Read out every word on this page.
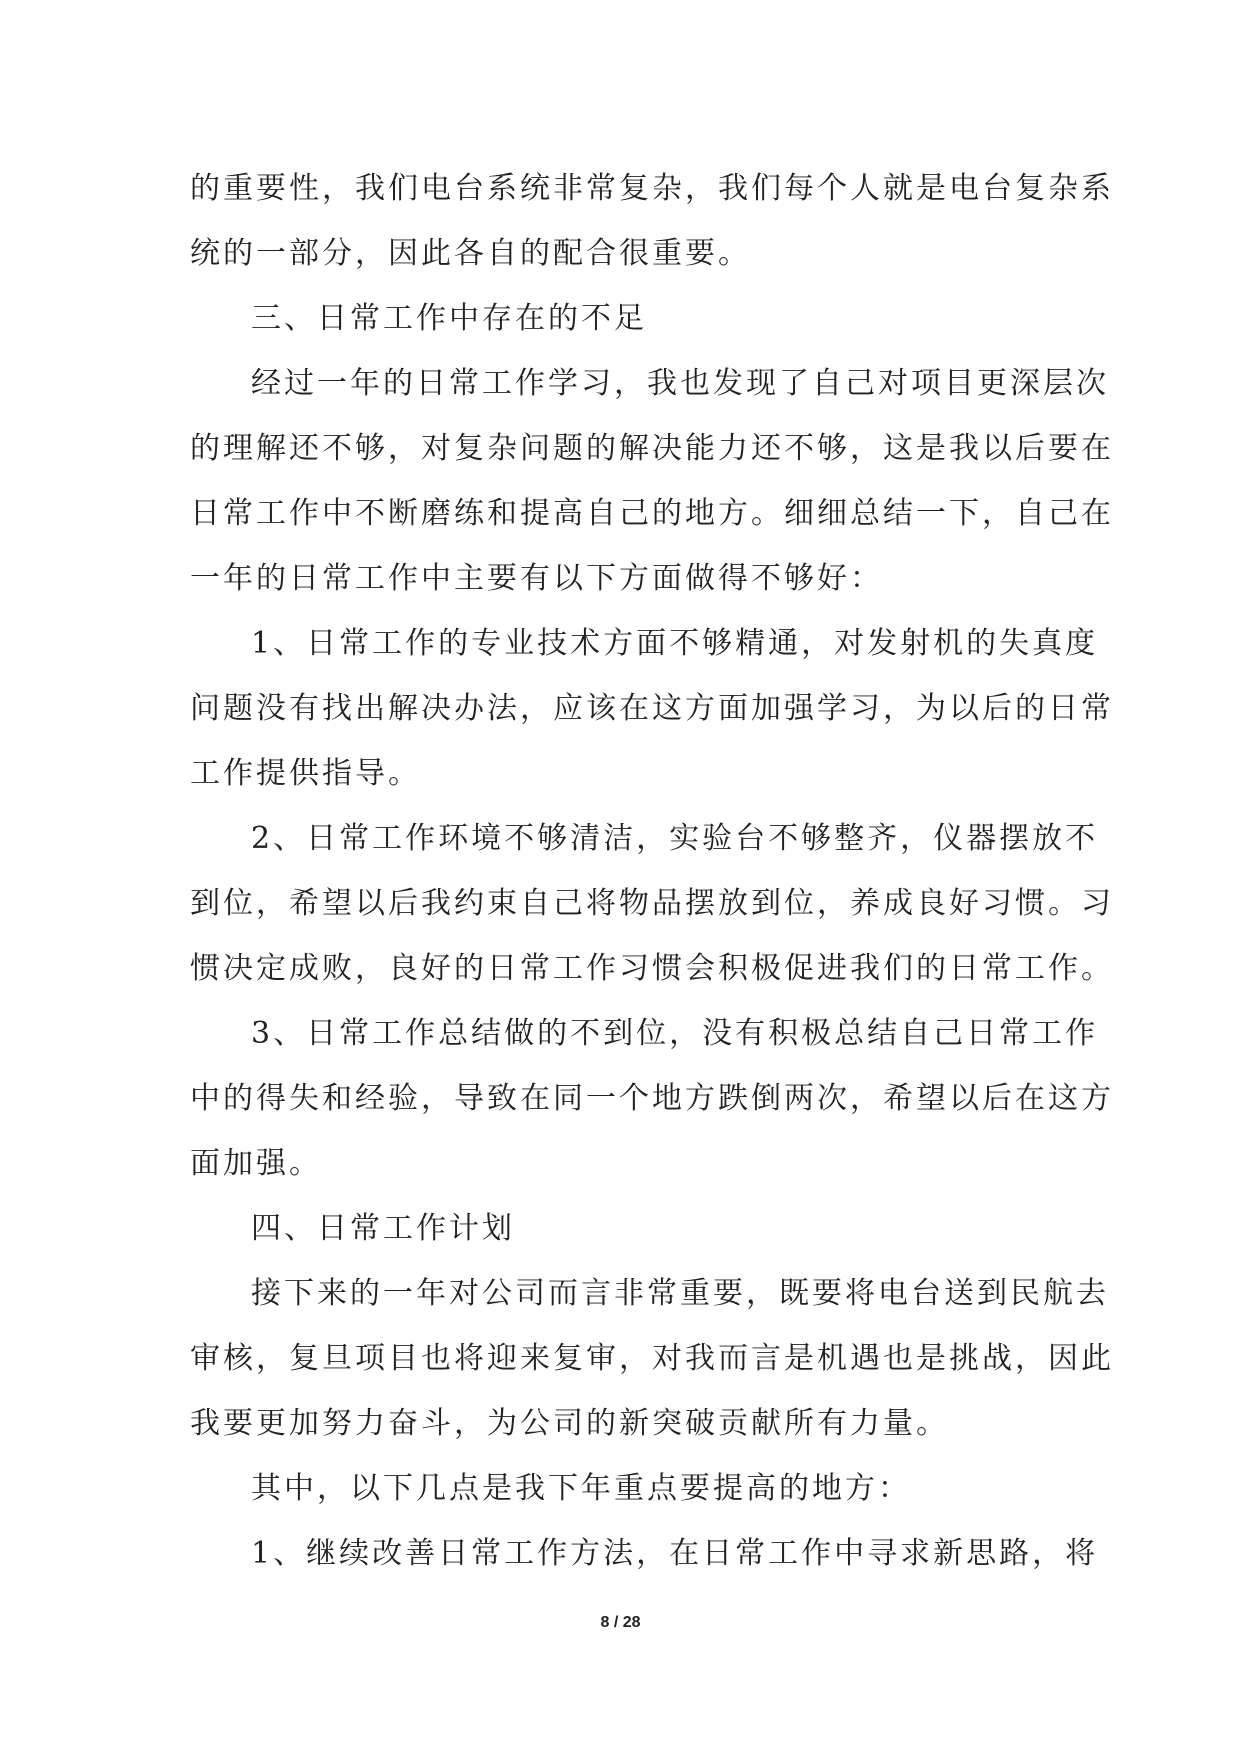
的重要性，我们电台系统非常复杂，我们每个人就是电台复杂系
统的一部分，因此各自的配合很重要。
三、日常工作中存在的不足
经过一年的日常工作学习，我也发现了自己对项目更深层次
的理解还不够，对复杂问题的解决能力还不够，这是我以后要在
日常工作中不断磨练和提高自己的地方。细细总结一下，自己在
一年的日常工作中主要有以下方面做得不够好：
1、日常工作的专业技术方面不够精通，对发射机的失真度
问题没有找出解决办法，应该在这方面加强学习，为以后的日常
工作提供指导。
2、日常工作环境不够清洁，实验台不够整齐，仪器摆放不
到位，希望以后我约束自己将物品摆放到位，养成良好习惯。习
惯决定成败，良好的日常工作习惯会积极促进我们的日常工作。
3、日常工作总结做的不到位，没有积极总结自己日常工作
中的得失和经验，导致在同一个地方跌倒两次，希望以后在这方
面加强。
四、日常工作计划
接下来的一年对公司而言非常重要，既要将电台送到民航去
审核，复旦项目也将迎来复审，对我而言是机遇也是挑战，因此
我要更加努力奋斗，为公司的新突破贡献所有力量。
其中，以下几点是我下年重点要提高的地方：
1、继续改善日常工作方法，在日常工作中寻求新思路，将
8 / 28
